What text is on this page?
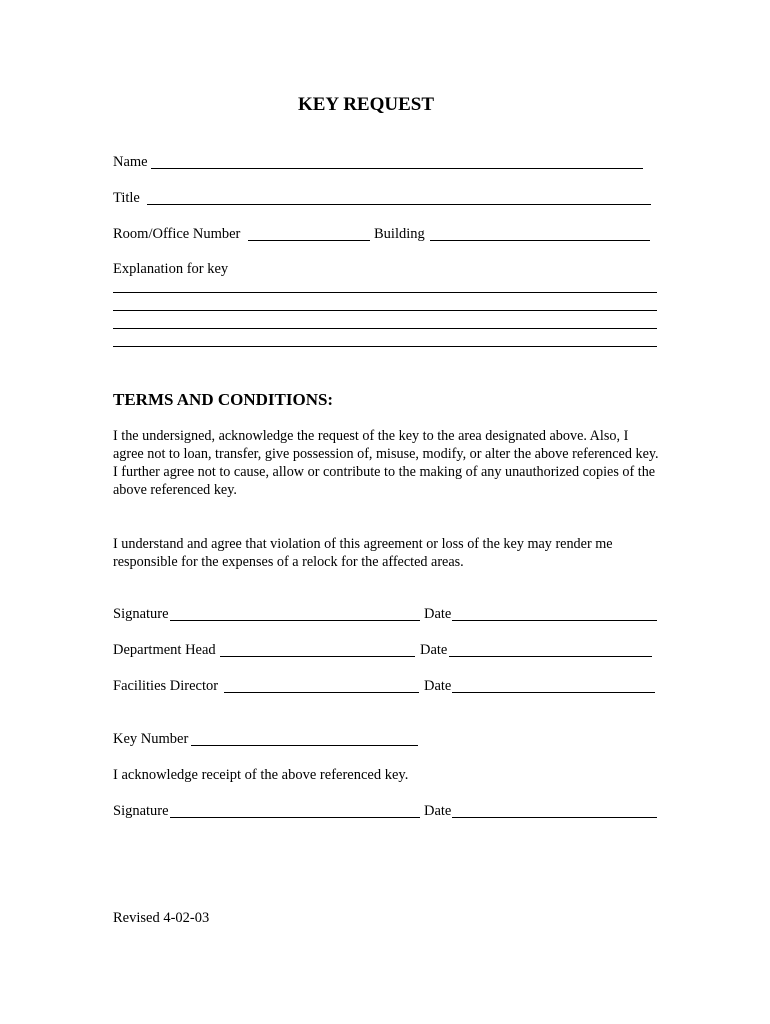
KEY REQUEST
Name
Title
Room/Office Number	Building
Explanation for key
TERMS AND CONDITIONS:
I the undersigned, acknowledge the request of the key to the area designated above. Also, I agree not to loan, transfer, give possession of, misuse, modify, or alter the above referenced key. I further agree not to cause, allow or contribute to the making of any unauthorized copies of the above referenced key.
I understand and agree that violation of this agreement or loss of the key may render me responsible for the expenses of a relock for the affected areas.
Signature	Date
Department Head	Date
Facilities Director	Date
Key Number
I acknowledge receipt of the above referenced key.
Signature	Date
Revised 4-02-03
